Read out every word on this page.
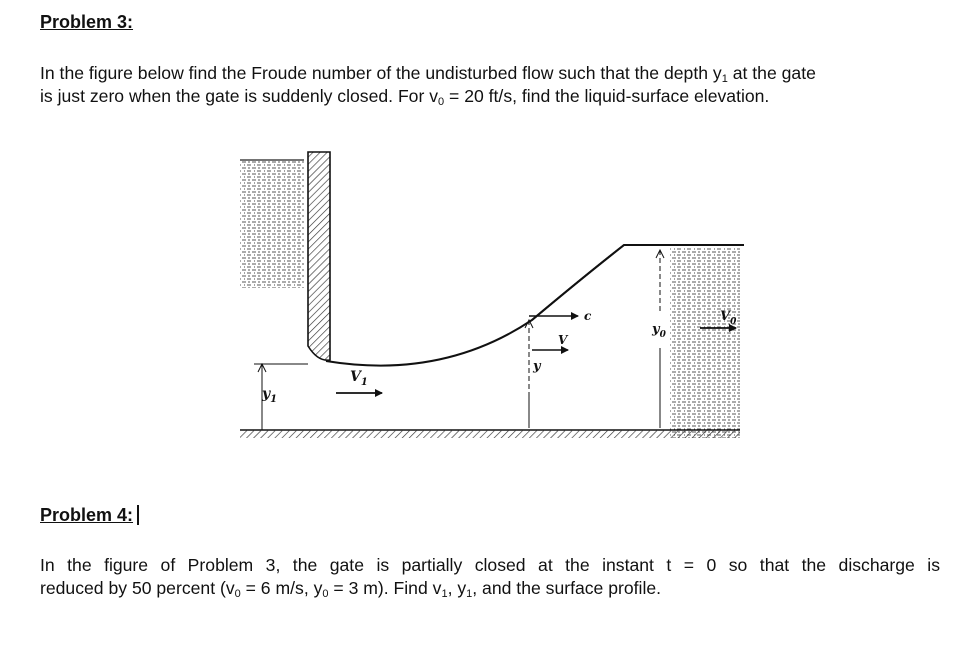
Problem 3:
In the figure below find the Froude number of the undisturbed flow such that the depth $y_1$ at the gate
is just zero when the gate is suddenly closed. For $v_0 = 20$ ft/s, find the liquid-surface elevation.
$y_1$
$V_1$
y
c
V
$y_0$
$V_0$
Problem 4:
In the figure of Problem 3, the gate is partially closed at the instant t = 0 so that the discharge is
reduced by 50 percent ($v_0 = 6$ m/s, $y_0 = 3$ m). Find $v_1$, $y_1$, and the surface profile.
